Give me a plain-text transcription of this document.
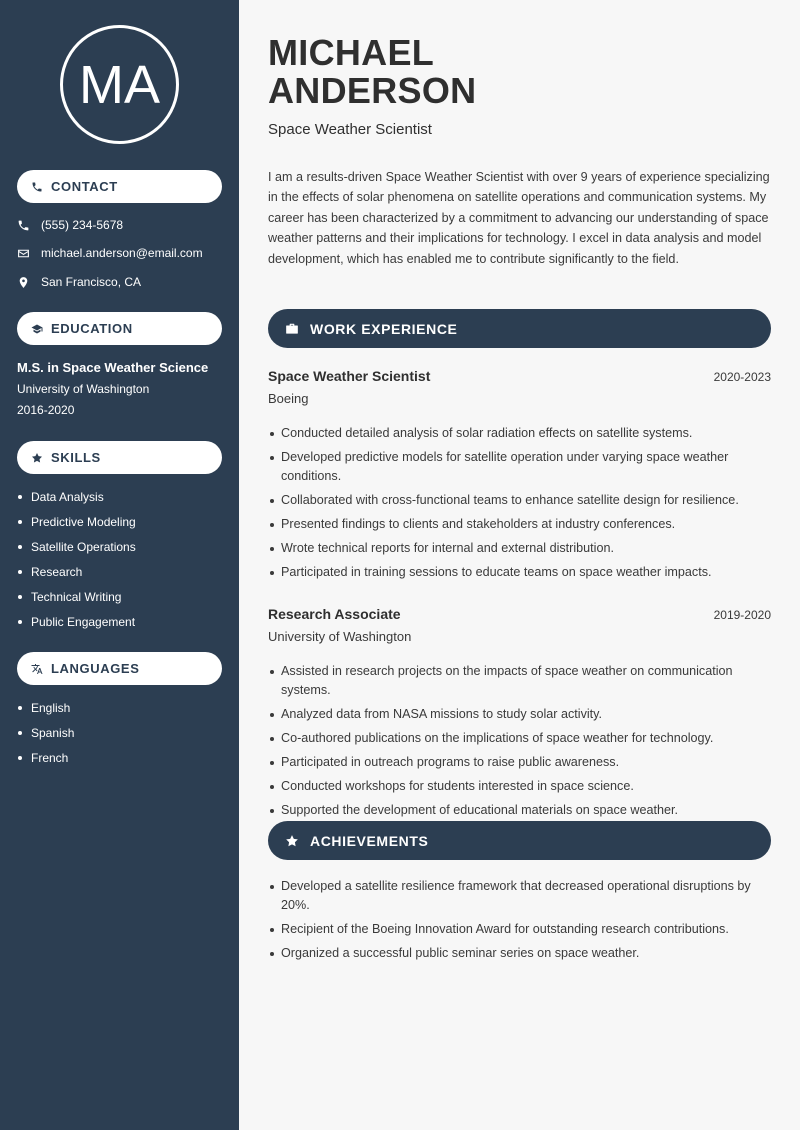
MA
CONTACT
(555) 234-5678
michael.anderson@email.com
San Francisco, CA
EDUCATION
M.S. in Space Weather Science
University of Washington
2016-2020
SKILLS
Data Analysis
Predictive Modeling
Satellite Operations
Research
Technical Writing
Public Engagement
LANGUAGES
English
Spanish
French
MICHAEL
ANDERSON
Space Weather Scientist

I am a results-driven Space Weather Scientist with over 9 years of experience specializing in the effects of solar phenomena on satellite operations and communication systems. My career has been characterized by a commitment to advancing our understanding of space weather patterns and their implications for technology. I excel in data analysis and model development, which has enabled me to contribute significantly to the field.

WORK EXPERIENCE
Space Weather Scientist	2020-2023
Boeing
Conducted detailed analysis of solar radiation effects on satellite systems.
Developed predictive models for satellite operation under varying space weather conditions.
Collaborated with cross-functional teams to enhance satellite design for resilience.
Presented findings to clients and stakeholders at industry conferences.
Wrote technical reports for internal and external distribution.
Participated in training sessions to educate teams on space weather impacts.
Research Associate	2019-2020
University of Washington
Assisted in research projects on the impacts of space weather on communication systems.
Analyzed data from NASA missions to study solar activity.
Co-authored publications on the implications of space weather for technology.
Participated in outreach programs to raise public awareness.
Conducted workshops for students interested in space science.
Supported the development of educational materials on space weather.
ACHIEVEMENTS
Developed a satellite resilience framework that decreased operational disruptions by 20%.
Recipient of the Boeing Innovation Award for outstanding research contributions.
Organized a successful public seminar series on space weather.
